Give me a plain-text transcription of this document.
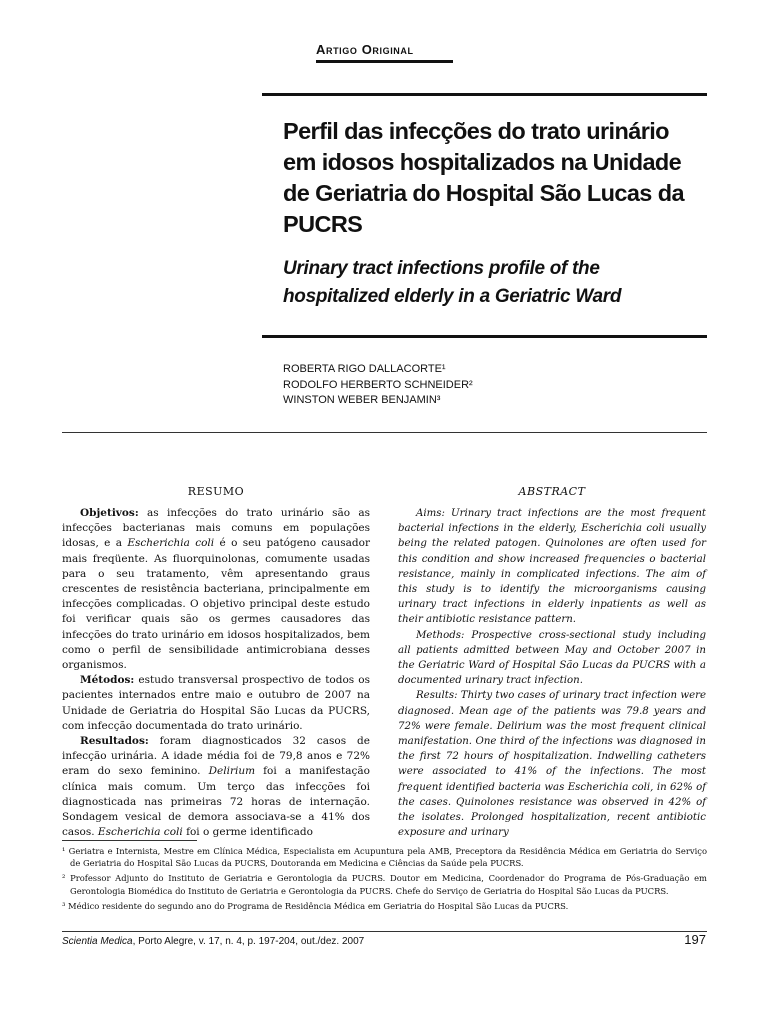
Artigo Original
Perfil das infecções do trato urinário em idosos hospitalizados na Unidade de Geriatria do Hospital São Lucas da PUCRS
Urinary tract infections profile of the hospitalized elderly in a Geriatric Ward
ROBERTA RIGO DALLACORTE¹
RODOLFO HERBERTO SCHNEIDER²
WINSTON WEBER BENJAMIN³
RESUMO	ABSTRACT

Objetivos: as infecções do trato urinário são as infecções bacterianas mais comuns em populações idosas, e a Escherichia coli é o seu patógeno causador mais freqüente. As fluorquinolonas, comumente usadas para o seu tratamento, vêm apresentando graus crescentes de resistência bacteriana, principalmente em infecções complicadas. O objetivo principal deste estudo foi verificar quais são os germes causadores das infecções do trato urinário em idosos hospitalizados, bem como o perfil de sensibilidade antimicrobiana desses organismos.

Métodos: estudo transversal prospectivo de todos os pacientes internados entre maio e outubro de 2007 na Unidade de Geriatria do Hospital São Lucas da PUCRS, com infecção documentada do trato urinário.

Resultados: foram diagnosticados 32 casos de infecção urinária. A idade média foi de 79,8 anos e 72% eram do sexo feminino. Delirium foi a manifestação clínica mais comum. Um terço das infecções foi diagnosticada nas primeiras 72 horas de internação. Sondagem vesical de demora associava-se a 41% dos casos. Escherichia coli foi o germe identificado

Aims: Urinary tract infections are the most frequent bacterial infections in the elderly, Escherichia coli usually being the related patogen. Quinolones are often used for this condition and show increased frequencies o bacterial resistance, mainly in complicated infections. The aim of this study is to identify the microorganisms causing urinary tract infections in elderly inpatients as well as their antibiotic resistance pattern.

Methods: Prospective cross-sectional study including all patients admitted between May and October 2007 in the Geriatric Ward of Hospital São Lucas da PUCRS with a documented urinary tract infection.

Results: Thirty two cases of urinary tract infection were diagnosed. Mean age of the patients was 79.8 years and 72% were female. Delirium was the most frequent clinical manifestation. One third of the infections was diagnosed in the first 72 hours of hospitalization. Indwelling catheters were associated to 41% of the infections. The most frequent identified bacteria was Escherichia coli, in 62% of the cases. Quinolones resistance was observed in 42% of the isolates. Prolonged hospitalization, recent antibiotic exposure and urinary

¹ Geriatra e Internista, Mestre em Clínica Médica, Especialista em Acupuntura pela AMB, Preceptora da Residência Médica em Geriatria do Serviço de Geriatria do Hospital São Lucas da PUCRS, Doutoranda em Medicina e Ciências da Saúde pela PUCRS.
² Professor Adjunto do Instituto de Geriatria e Gerontologia da PUCRS. Doutor em Medicina, Coordenador do Programa de Pós-Graduação em Gerontologia Biomédica do Instituto de Geriatria e Gerontologia da PUCRS. Chefe do Serviço de Geriatria do Hospital São Lucas da PUCRS.
³ Médico residente do segundo ano do Programa de Residência Médica em Geriatria do Hospital São Lucas da PUCRS.
Scientia Medica, Porto Alegre, v. 17, n. 4, p. 197-204, out./dez. 2007	197
